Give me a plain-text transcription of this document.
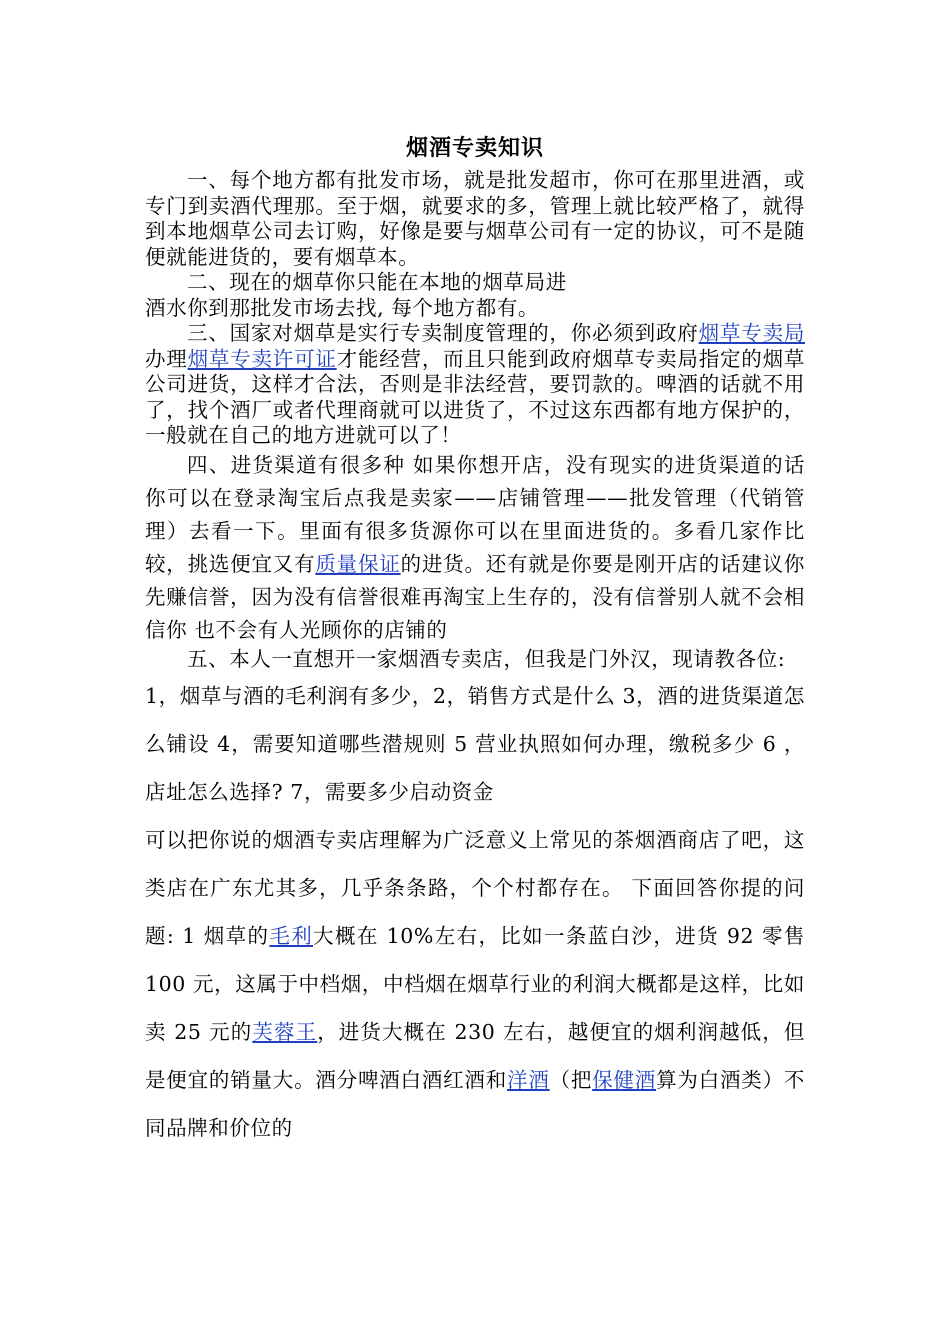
烟酒专卖知识

一、每个地方都有批发市场，就是批发超市，你可在那里进酒，或专门到卖酒代理那。至于烟，就要求的多，管理上就比较严格了，就得到本地烟草公司去订购，好像是要与烟草公司有一定的协议，可不是随便就能进货的，要有烟草本。

二、现在的烟草你只能在本地的烟草局进

酒水你到那批发市场去找, 每个地方都有。

三、国家对烟草是实行专卖制度管理的，你必须到政府烟草专卖局办理烟草专卖许可证才能经营，而且只能到政府烟草专卖局指定的烟草公司进货，这样才合法，否则是非法经营，要罚款的。啤酒的话就不用了，找个酒厂或者代理商就可以进货了，不过这东西都有地方保护的，一般就在自己的地方进就可以了！

四、进货渠道有很多种 如果你想开店，没有现实的进货渠道的话 你可以在登录淘宝后点我是卖家——店铺管理——批发管理（代销管理）去看一下。里面有很多货源你可以在里面进货的。多看几家作比较，挑选便宜又有质量保证的进货。还有就是你要是刚开店的话建议你先赚信誉，因为没有信誉很难再淘宝上生存的，没有信誉别人就不会相信你 也不会有人光顾你的店铺的

五、本人一直想开一家烟酒专卖店，但我是门外汉，现请教各位:

1，烟草与酒的毛利润有多少，2，销售方式是什么 3，酒的进货渠道怎么铺设 4，需要知道哪些潜规则 5 营业执照如何办理，缴税多少 6 ，店址怎么选择? 7，需要多少启动资金

可以把你说的烟酒专卖店理解为广泛意义上常见的茶烟酒商店了吧，这类店在广东尤其多，几乎条条路，个个村都存在。 下面回答你提的问题: 1 烟草的毛利大概在 10%左右，比如一条蓝白沙，进货 92 零售 100 元，这属于中档烟，中档烟在烟草行业的利润大概都是这样，比如卖 25 元的芙蓉王，进货大概在 230 左右，越便宜的烟利润越低，但是便宜的销量大。酒分啤酒白酒红酒和洋酒（把保健酒算为白酒类）不同品牌和价位的
